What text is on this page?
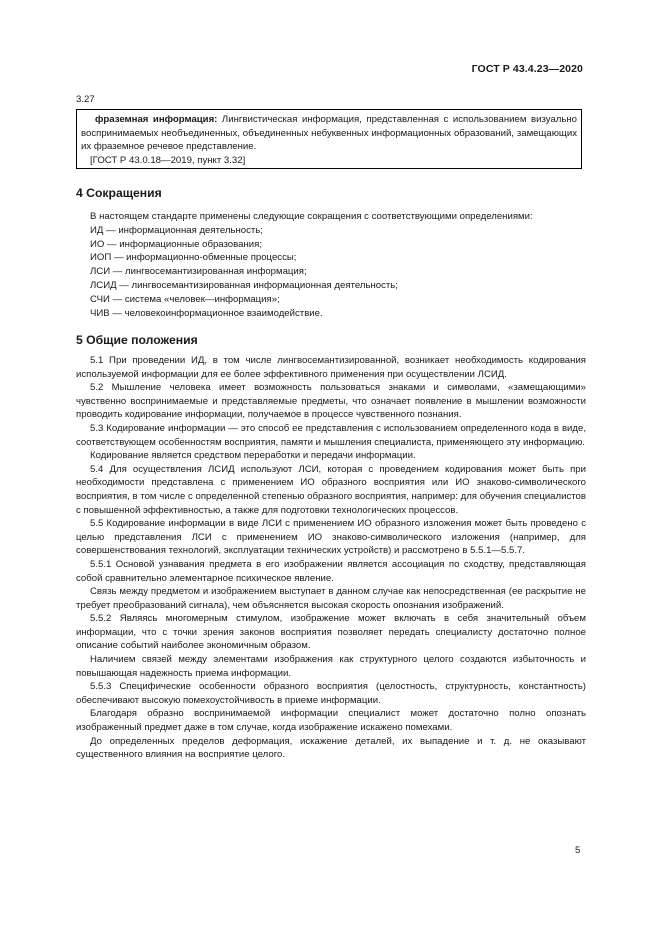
ГОСТ Р 43.4.23—2020
3.27
фраземная информация: Лингвистическая информация, представленная с использованием визуально воспринимаемых необъединенных, объединенных небуквенных информационных образований, замещающих их фраземное речевое представление.
[ГОСТ Р 43.0.18—2019, пункт 3.32]
4 Сокращения
В настоящем стандарте применены следующие сокращения с соответствующими определениями:
ИД — информационная деятельность;
ИО — информационные образования;
ИОП — информационно-обменные процессы;
ЛСИ — лингвосемантизированная информация;
ЛСИД — лингвосемантизированная информационная деятельность;
СЧИ — система «человек—информация»;
ЧИВ — человекоинформационное взаимодействие.
5 Общие положения

5.1 При проведении ИД, в том числе лингвосемантизированной, возникает необходимость кодирования используемой информации для ее более эффективного применения при осуществлении ЛСИД.

5.2 Мышление человека имеет возможность пользоваться знаками и символами, «замещающими» чувственно воспринимаемые и представляемые предметы, что означает появление в мышлении возможности проводить кодирование информации, получаемое в процессе чувственного познания.

5.3 Кодирование информации — это способ ее представления с использованием определенного кода в виде, соответствующем особенностям восприятия, памяти и мышления специалиста, применяющего эту информацию.

Кодирование является средством переработки и передачи информации.

5.4 Для осуществления ЛСИД используют ЛСИ, которая с проведением кодирования может быть при необходимости представлена с применением ИО образного восприятия или ИО знаково-символического восприятия, в том числе с определенной степенью образного восприятия, например: для обучения специалистов с повышенной эффективностью, а также для подготовки технологических процессов.

5.5 Кодирование информации в виде ЛСИ с применением ИО образного изложения может быть проведено с целью представления ЛСИ с применением ИО знаково-символического изложения (например, для совершенствования технологий, эксплуатации технических устройств) и рассмотрено в 5.5.1—5.5.7.

5.5.1 Основой узнавания предмета в его изображении является ассоциация по сходству, представляющая собой сравнительно элементарное психическое явление.

Связь между предметом и изображением выступает в данном случае как непосредственная (ее раскрытие не требует преобразований сигнала), чем объясняется высокая скорость опознания изображений.

5.5.2 Являясь многомерным стимулом, изображение может включать в себя значительный объем информации, что с точки зрения законов восприятия позволяет передать специалисту достаточно полное описание событий наиболее экономичным образом.

Наличием связей между элементами изображения как структурного целого создаются избыточность и повышающая надежность приема информации.

5.5.3 Специфические особенности образного восприятия (целостность, структурность, константность) обеспечивают высокую помехоустойчивость в приеме информации.

Благодаря образно воспринимаемой информации специалист может достаточно полно опознать изображенный предмет даже в том случае, когда изображение искажено помехами.

До определенных пределов деформация, искажение деталей, их выпадение и т. д. не оказывают существенного влияния на восприятие целого.

5
